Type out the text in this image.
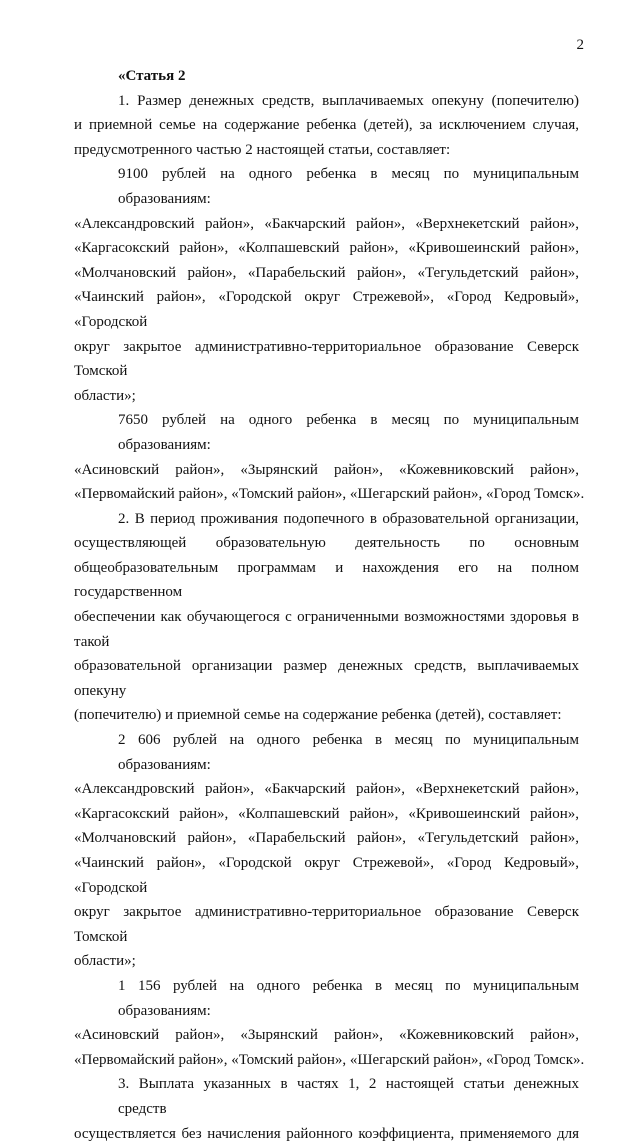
2
«Статья 2
1. Размер денежных средств, выплачиваемых опекуну (попечителю)
и приемной семье на содержание ребенка (детей), за исключением случая,
предусмотренного частью 2 настоящей статьи, составляет:
9100 рублей на одного ребенка в месяц по муниципальным образованиям:
«Александровский район», «Бакчарский район», «Верхнекетский район»,
«Каргасокский район», «Колпашевский район», «Кривошеинский район»,
«Молчановский район», «Парабельский район», «Тегульдетский район»,
«Чаинский район», «Городской округ Стрежевой», «Город Кедровый», «Городской
округ закрытое административно-территориальное образование Северск Томской
области»;
7650 рублей на одного ребенка в месяц по муниципальным образованиям:
«Асиновский район», «Зырянский район», «Кожевниковский район»,
«Первомайский район», «Томский район», «Шегарский район», «Город Томск».
2. В период проживания подопечного в образовательной организации,
осуществляющей образовательную деятельность по основным
общеобразовательным программам и нахождения его на полном государственном
обеспечении как обучающегося с ограниченными возможностями здоровья в такой
образовательной организации размер денежных средств, выплачиваемых опекуну
(попечителю) и приемной семье на содержание ребенка (детей), составляет:
2 606 рублей на одного ребенка в месяц по муниципальным образованиям:
«Александровский район», «Бакчарский район», «Верхнекетский район»,
«Каргасокский район», «Колпашевский район», «Кривошеинский район»,
«Молчановский район», «Парабельский район», «Тегульдетский район»,
«Чаинский район», «Городской округ Стрежевой», «Город Кедровый», «Городской
округ закрытое административно-территориальное образование Северск Томской
области»;
1 156 рублей на одного ребенка в месяц по муниципальным образованиям:
«Асиновский район», «Зырянский район», «Кожевниковский район»,
«Первомайский район», «Томский район», «Шегарский район», «Город Томск».
3. Выплата указанных в частях 1, 2 настоящей статьи денежных средств
осуществляется без начисления районного коэффициента, применяемого для
